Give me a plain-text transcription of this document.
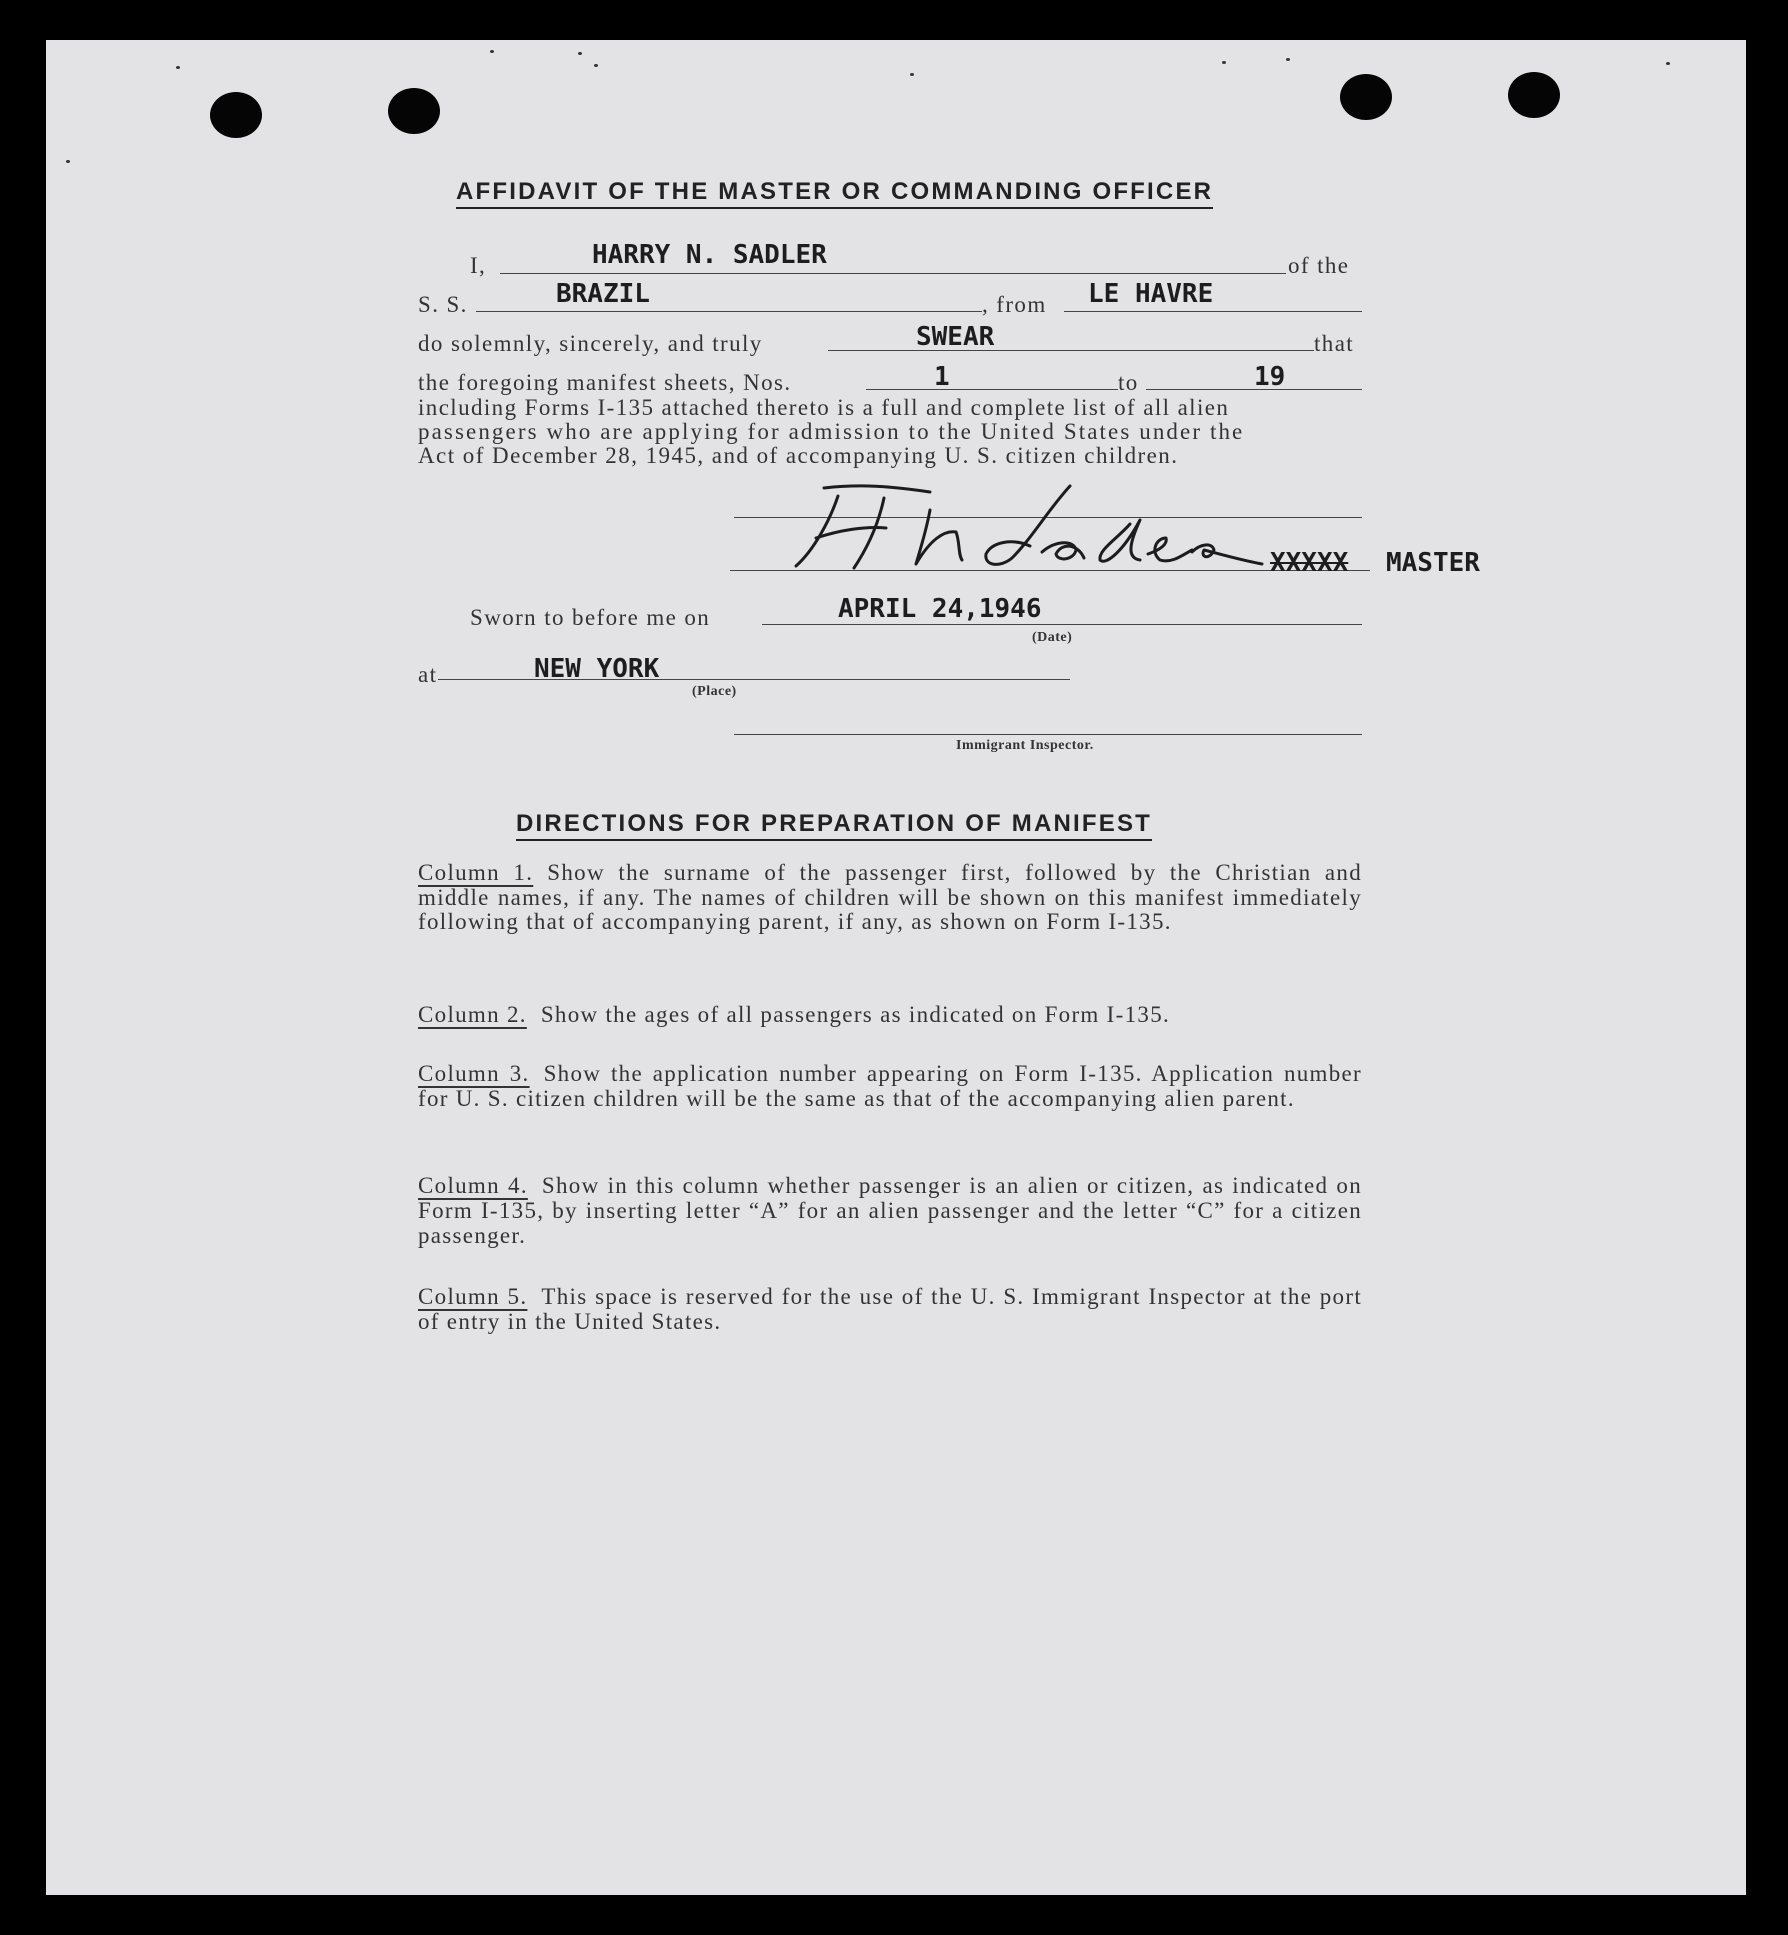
AFFIDAVIT OF THE MASTER OR COMMANDING OFFICER
I,	HARRY N. SADLER	of the
S. S.	BRAZIL	, from LE HAVRE
do solemnly, sincerely, and truly	SWEAR	that
the foregoing manifest sheets, Nos.	1	to	19
including Forms I-135 attached thereto is a full and complete list of all alien
passengers who are applying for admission to the United States under the
Act of December 28, 1945, and of accompanying U. S. citizen children.
XXXXX MASTER
Sworn to before me on	APRIL 24,1946
(Date)
at	NEW YORK
(Place)
Immigrant Inspector.
DIRECTIONS FOR PREPARATION OF MANIFEST
Column 1. Show the surname of the passenger first, followed by the Christian and middle names, if any. The names of children will be shown on this manifest immediately following that of accompanying parent, if any, as shown on Form I-135.
Column 2. Show the ages of all passengers as indicated on Form I-135.
Column 3. Show the application number appearing on Form I-135. Application number for U. S. citizen children will be the same as that of the accompanying alien parent.
Column 4. Show in this column whether passenger is an alien or citizen, as indicated on Form I-135, by inserting letter “A” for an alien passenger and the letter “C” for a citizen passenger.
Column 5. This space is reserved for the use of the U. S. Immigrant Inspector at the port of entry in the United States.
